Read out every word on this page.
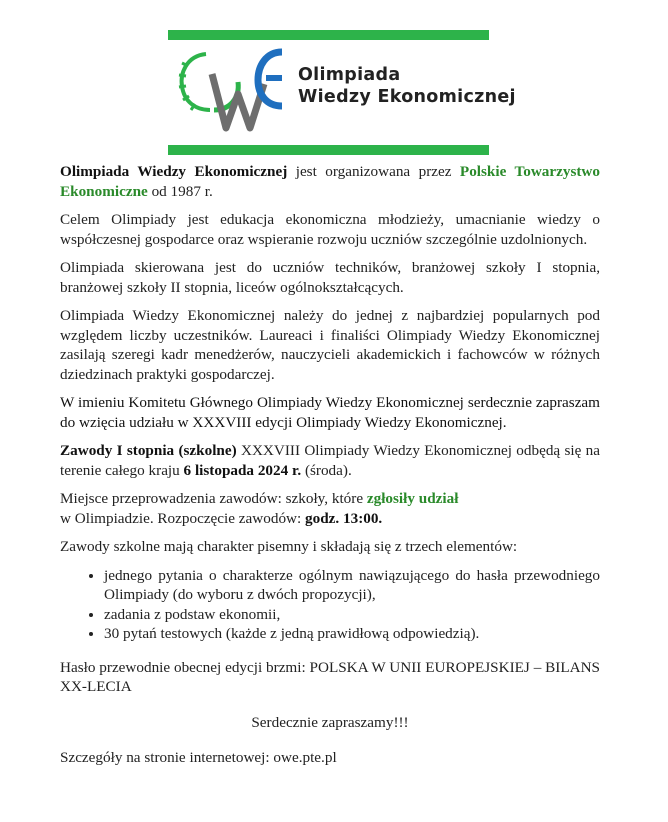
Olimpiada
Wiedzy Ekonomicznej

Olimpiada Wiedzy Ekonomicznej jest organizowana przez Polskie Towarzystwo Ekonomiczne od 1987 r.

Celem Olimpiady jest edukacja ekonomiczna młodzieży, umacnianie wiedzy o współczesnej gospodarce oraz wspieranie rozwoju uczniów szczególnie uzdolnionych.

Olimpiada skierowana jest do uczniów techników, branżowej szkoły I stopnia, branżowej szkoły II stopnia, liceów ogólnokształcących.

Olimpiada Wiedzy Ekonomicznej należy do jednej z najbardziej popularnych pod względem liczby uczestników. Laureaci i finaliści Olimpiady Wiedzy Ekonomicznej zasilają szeregi kadr menedżerów, nauczycieli akademickich i fachowców w różnych dziedzinach praktyki gospodarczej.

W imieniu Komitetu Głównego Olimpiady Wiedzy Ekonomicznej serdecznie zapraszam do wzięcia udziału w XXXVIII edycji Olimpiady Wiedzy Ekonomicznej.

Zawody I stopnia (szkolne) XXXVIII Olimpiady Wiedzy Ekonomicznej odbędą się na terenie całego kraju 6 listopada 2024 r. (środa).

Miejsce przeprowadzenia zawodów: szkoły, które zgłosiły udział
w Olimpiadzie. Rozpoczęcie zawodów: godz. 13:00.

Zawody szkolne mają charakter pisemny i składają się z trzech elementów:

• jednego pytania o charakterze ogólnym nawiązującego do hasła przewodniego Olimpiady (do wyboru z dwóch propozycji),
• zadania z podstaw ekonomii,
• 30 pytań testowych (każde z jedną prawidłową odpowiedzią).

Hasło przewodnie obecnej edycji brzmi: POLSKA W UNII EUROPEJSKIEJ – BILANS XX-LECIA

Serdecznie zapraszamy!!!

Szczegóły na stronie internetowej: owe.pte.pl
